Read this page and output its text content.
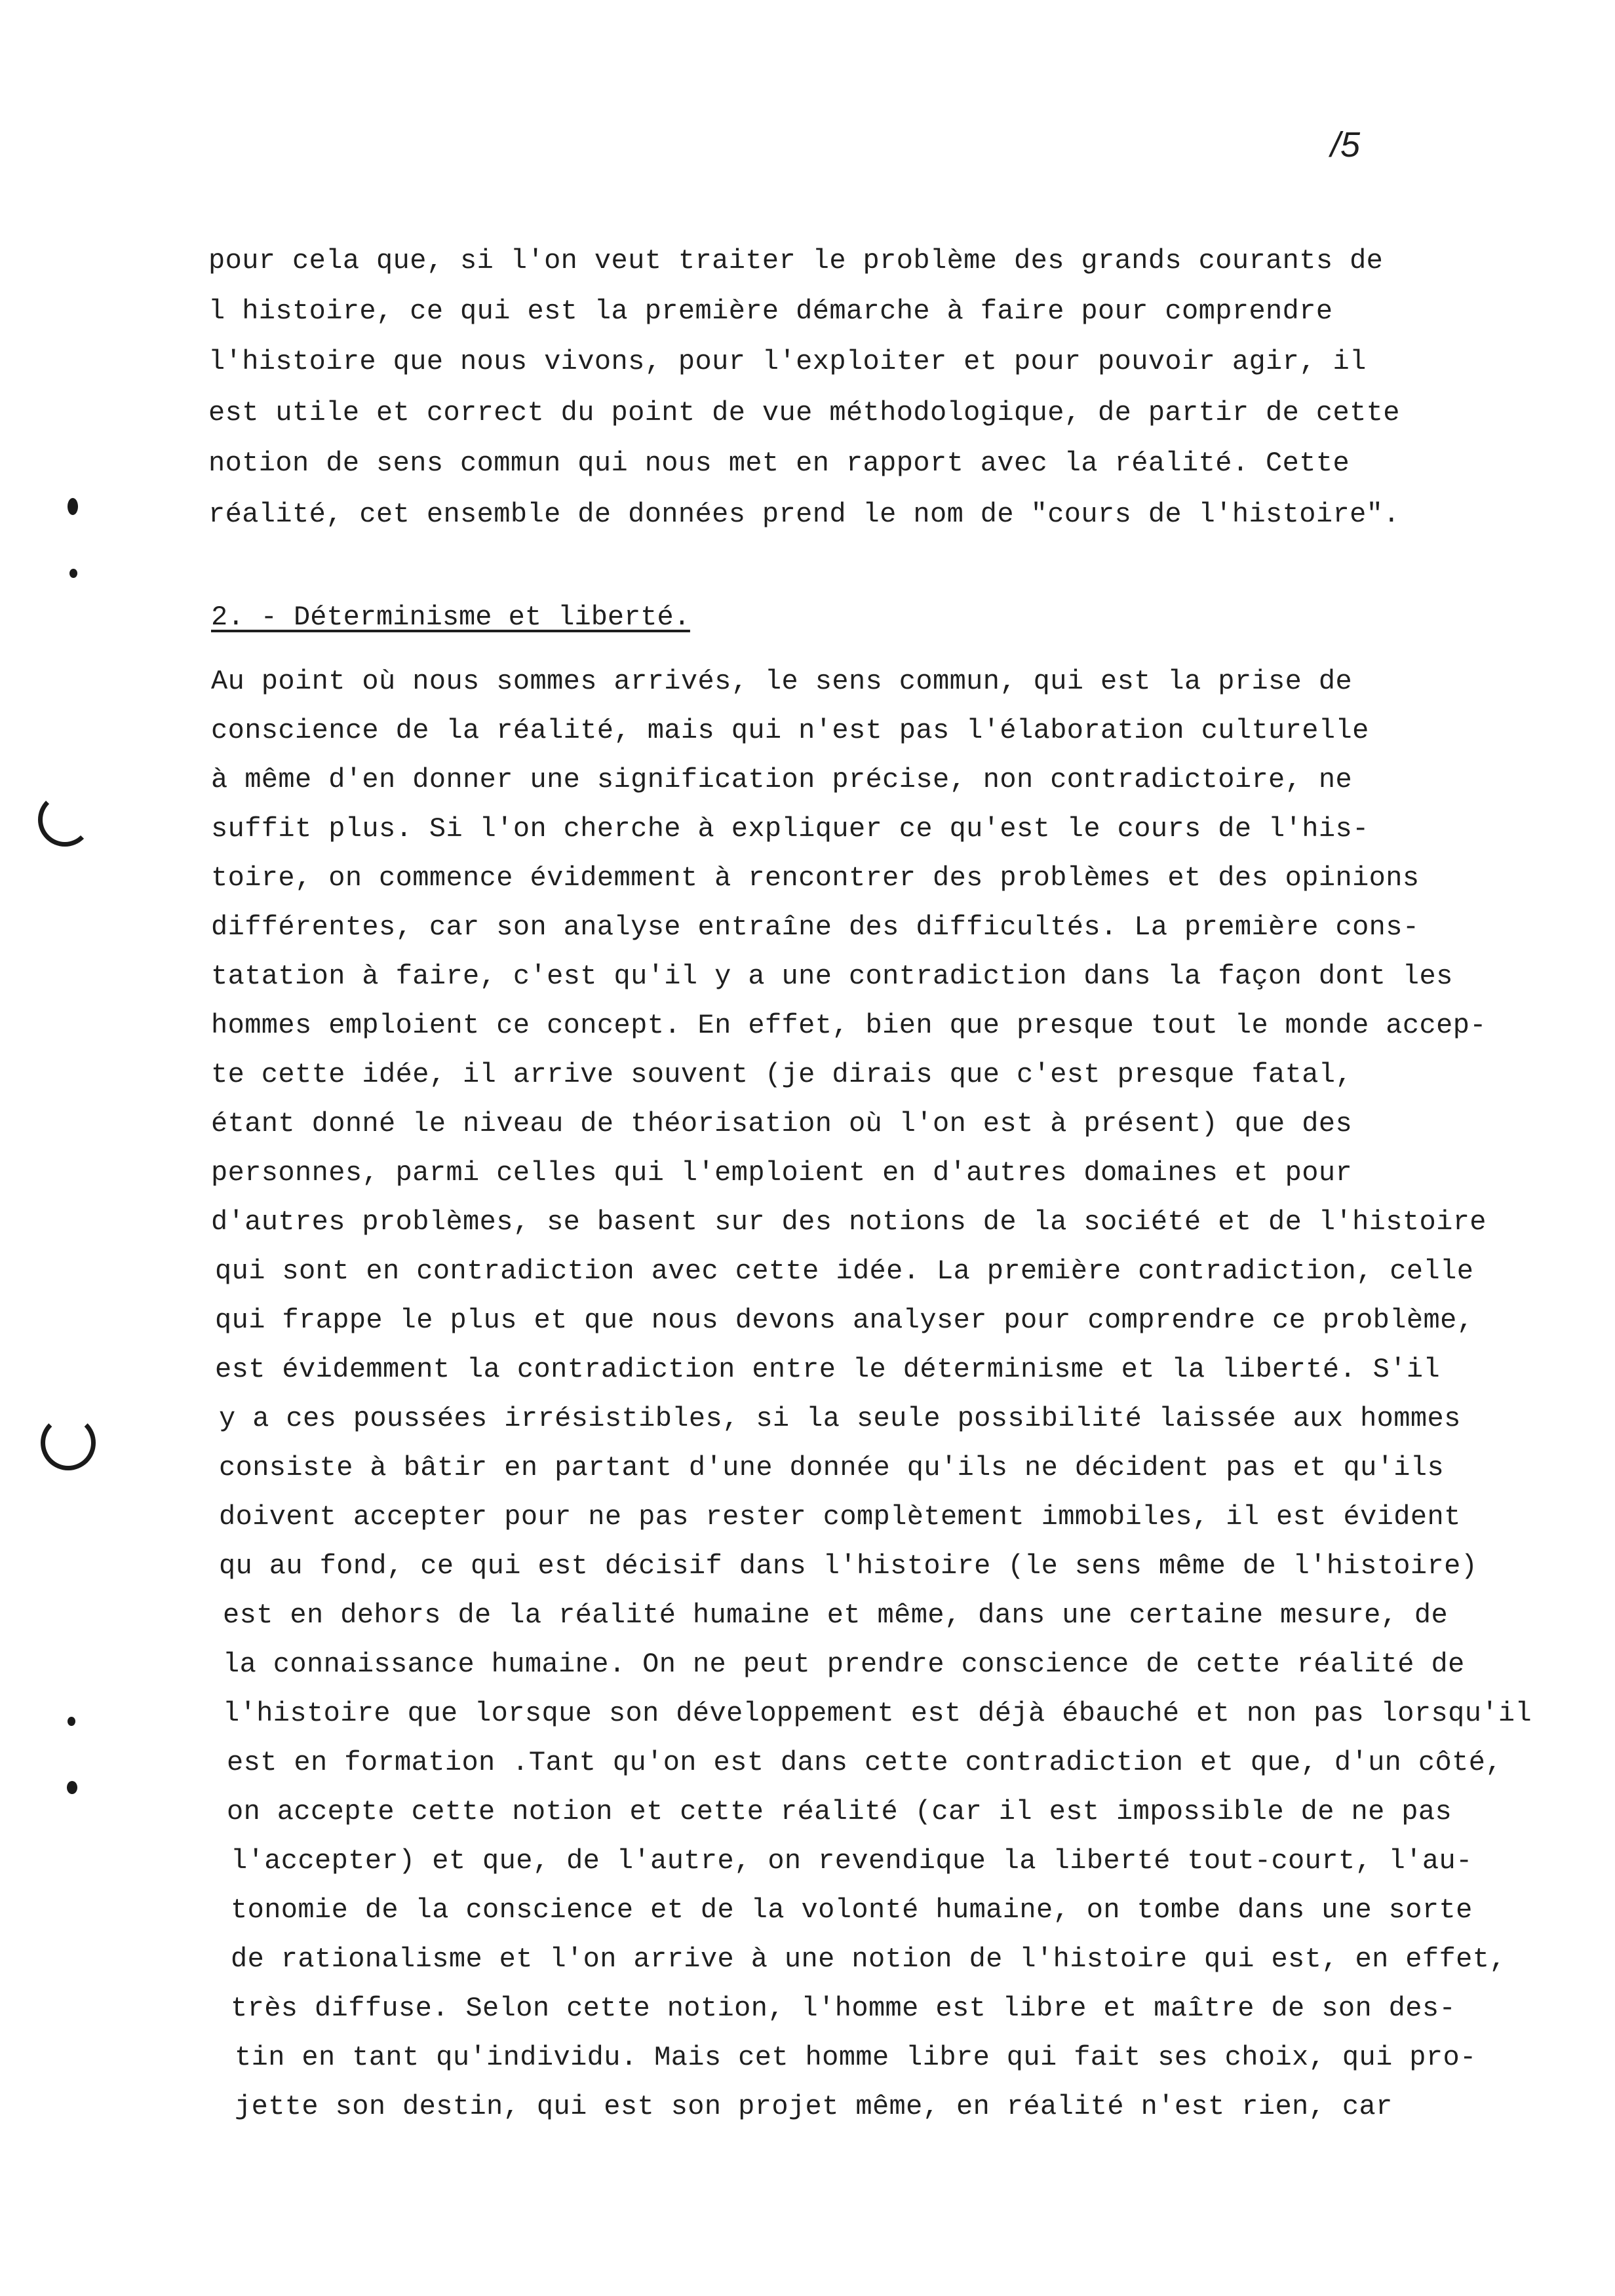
/5
pour cela que, si l'on veut traiter le problème des grands courants de
l histoire, ce qui est la première démarche à faire pour comprendre
l'histoire que nous vivons, pour l'exploiter et pour pouvoir agir, il
est utile et correct du point de vue méthodologique, de partir de cette
notion de sens commun qui nous met en rapport avec la réalité. Cette
réalité, cet ensemble de données prend le nom de "cours de l'histoire".
2. - Déterminisme et liberté.
Au point où nous sommes arrivés, le sens commun, qui est la prise de
conscience de la réalité, mais qui n'est pas l'élaboration culturelle
à même d'en donner une signification précise, non contradictoire, ne
suffit plus. Si l'on cherche à expliquer ce qu'est le cours de l'his-
toire, on commence évidemment à rencontrer des problèmes et des opinions
différentes, car son analyse entraîne des difficultés. La première cons-
tatation à faire, c'est qu'il y a une contradiction dans la façon dont les
hommes emploient ce concept. En effet, bien que presque tout le monde accep-
te cette idée, il arrive souvent (je dirais que c'est presque fatal,
étant donné le niveau de théorisation où l'on est à présent) que des
personnes, parmi celles qui l'emploient en d'autres domaines et pour
d'autres problèmes, se basent sur des notions de la société et de l'histoire
qui sont en contradiction avec cette idée. La première contradiction, celle
qui frappe le plus et que nous devons analyser pour comprendre ce problème,
est évidemment la contradiction entre le déterminisme et la liberté. S'il
y a ces poussées irrésistibles, si la seule possibilité laissée aux hommes
consiste à bâtir en partant d'une donnée qu'ils ne décident pas et qu'ils
doivent accepter pour ne pas rester complètement immobiles, il est évident
qu au fond, ce qui est décisif dans l'histoire (le sens même de l'histoire)
est en dehors de la réalité humaine et même, dans une certaine mesure, de
la connaissance humaine. On ne peut prendre conscience de cette réalité de
l'histoire que lorsque son développement est déjà ébauché et non pas lorsqu'il
est en formation .Tant qu'on est dans cette contradiction et que, d'un côté,
on accepte cette notion et cette réalité (car il est impossible de ne pas
l'accepter) et que, de l'autre, on revendique la liberté tout-court, l'au-
tonomie de la conscience et de la volonté humaine, on tombe dans une sorte
de rationalisme et l'on arrive à une notion de l'histoire qui est, en effet,
très diffuse. Selon cette notion, l'homme est libre et maître de son des-
tin en tant qu'individu. Mais cet homme libre qui fait ses choix, qui pro-
jette son destin, qui est son projet même, en réalité n'est rien, car
